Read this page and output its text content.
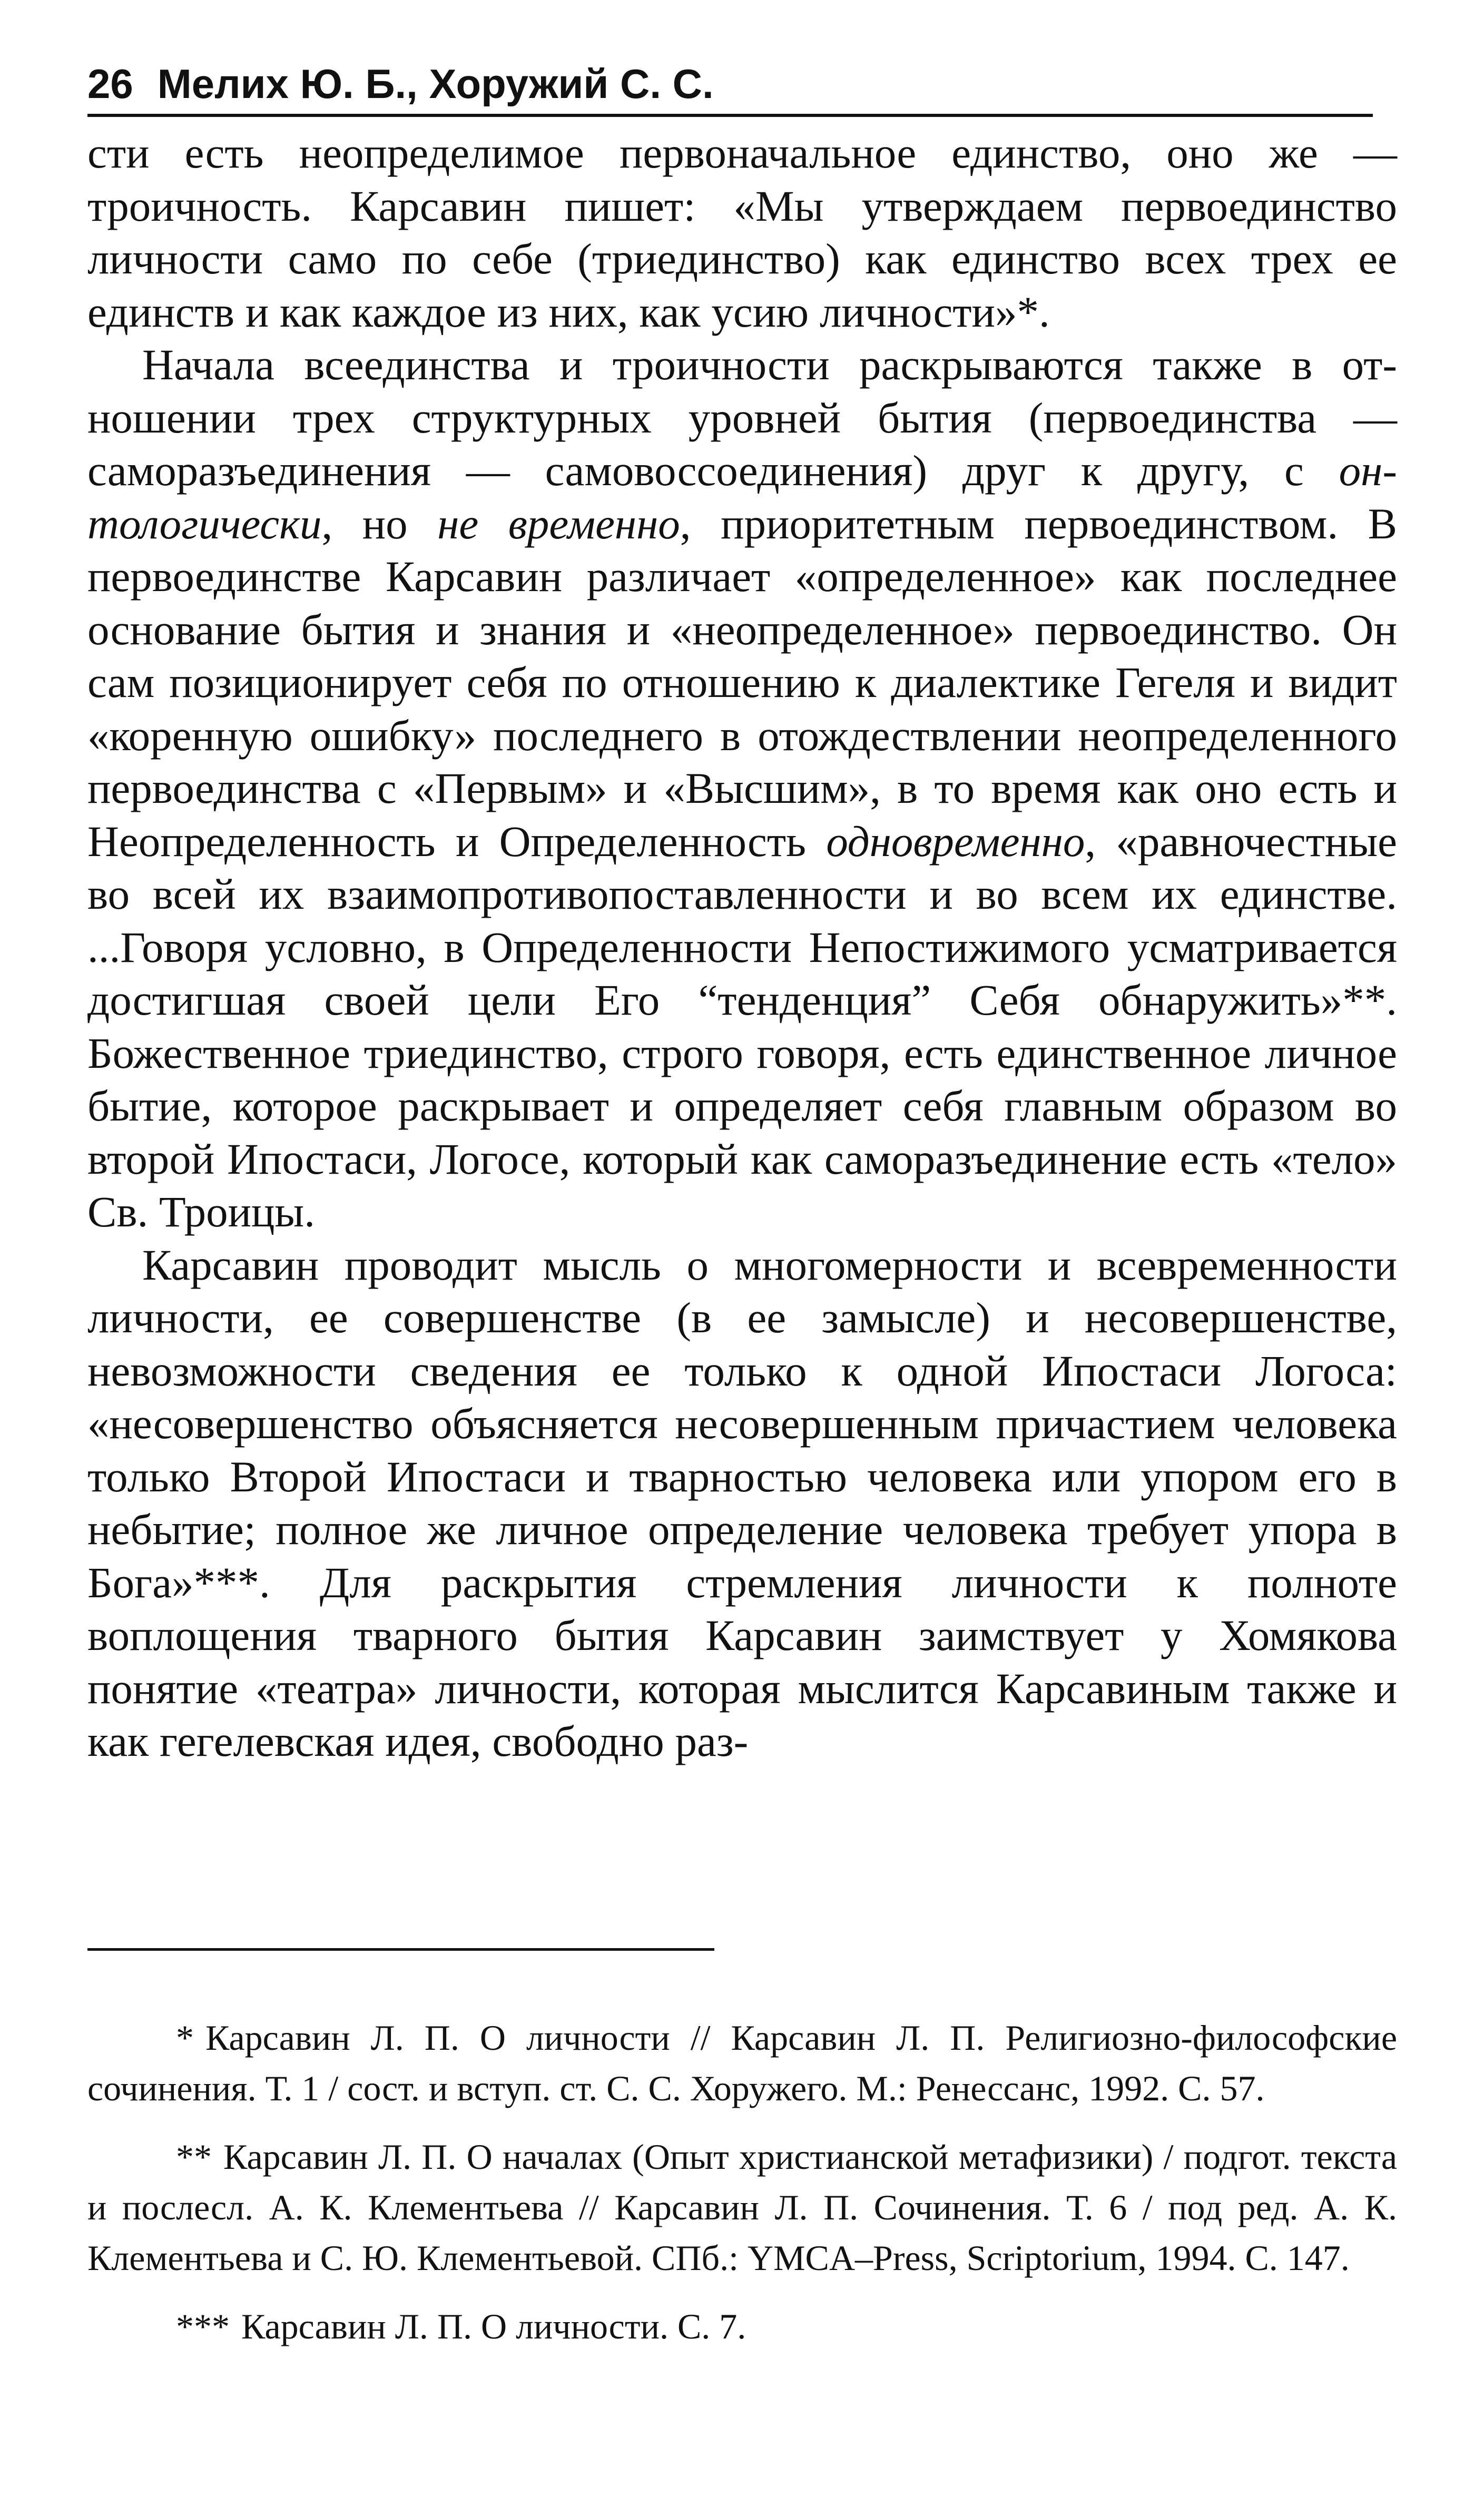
26 Мелих Ю. Б., Хоружий С. С.

сти есть неопределимое первоначальное единство, оно же — троичность. Карсавин пишет: «Мы утверждаем первоединство личности само по себе (триединство) как единство всех трех ее единств и как каждое из них, как усию личности»*.

Начала всеединства и троичности раскрываются также в отношении трех структурных уровней бытия (первоединства — саморазъединения — самовоссоединения) друг к другу, с онтологически, но не временно, приоритетным первоединством. В первоединстве Карсавин различает «определенное» как последнее основание бытия и знания и «неопределенное» первоединство. Он сам позиционирует себя по отношению к диалектике Гегеля и видит «коренную ошибку» последнего в отождествлении неопределенного первоединства с «Первым» и «Высшим», в то время как оно есть и Неопределенность и Определенность одновременно, «равночестные во всей их взаимопротивопоставленности и во всем их единстве. ...Говоря условно, в Определенности Непостижимого усматривается достигшая своей цели Его “тенденция” Себя обнаружить»**. Божественное триединство, строго говоря, есть единственное личное бытие, которое раскрывает и определяет себя главным образом во второй Ипостаси, Логосе, который как саморазъединение есть «тело» Св. Троицы.

Карсавин проводит мысль о многомерности и всевременности личности, ее совершенстве (в ее замысле) и несовершенстве, невозможности сведения ее только к одной Ипостаси Логоса: «несовершенство объясняется несовершенным причастием человека только Второй Ипостаси и тварностью человека или упором его в небытие; полное же личное определение человека требует упора в Бога»***. Для раскрытия стремления личности к полноте воплощения тварного бытия Карсавин заимствует у Хомякова понятие «театра» личности, которая мыслится Карсавиным также и как гегелевская идея, свободно раз-

* Карсавин Л. П. О личности // Карсавин Л. П. Религиозно-философские сочинения. Т. 1 / сост. и вступ. ст. С. С. Хоружего. М.: Ренессанс, 1992. С. 57.

** Карсавин Л. П. О началах (Опыт христианской метафизики) / подгот. текста и послесл. А. К. Клементьева // Карсавин Л. П. Сочинения. Т. 6 / под ред. А. К. Клементьева и С. Ю. Клементьевой. СПб.: YMCA–Press, Scriptorium, 1994. С. 147.

*** Карсавин Л. П. О личности. С. 7.
